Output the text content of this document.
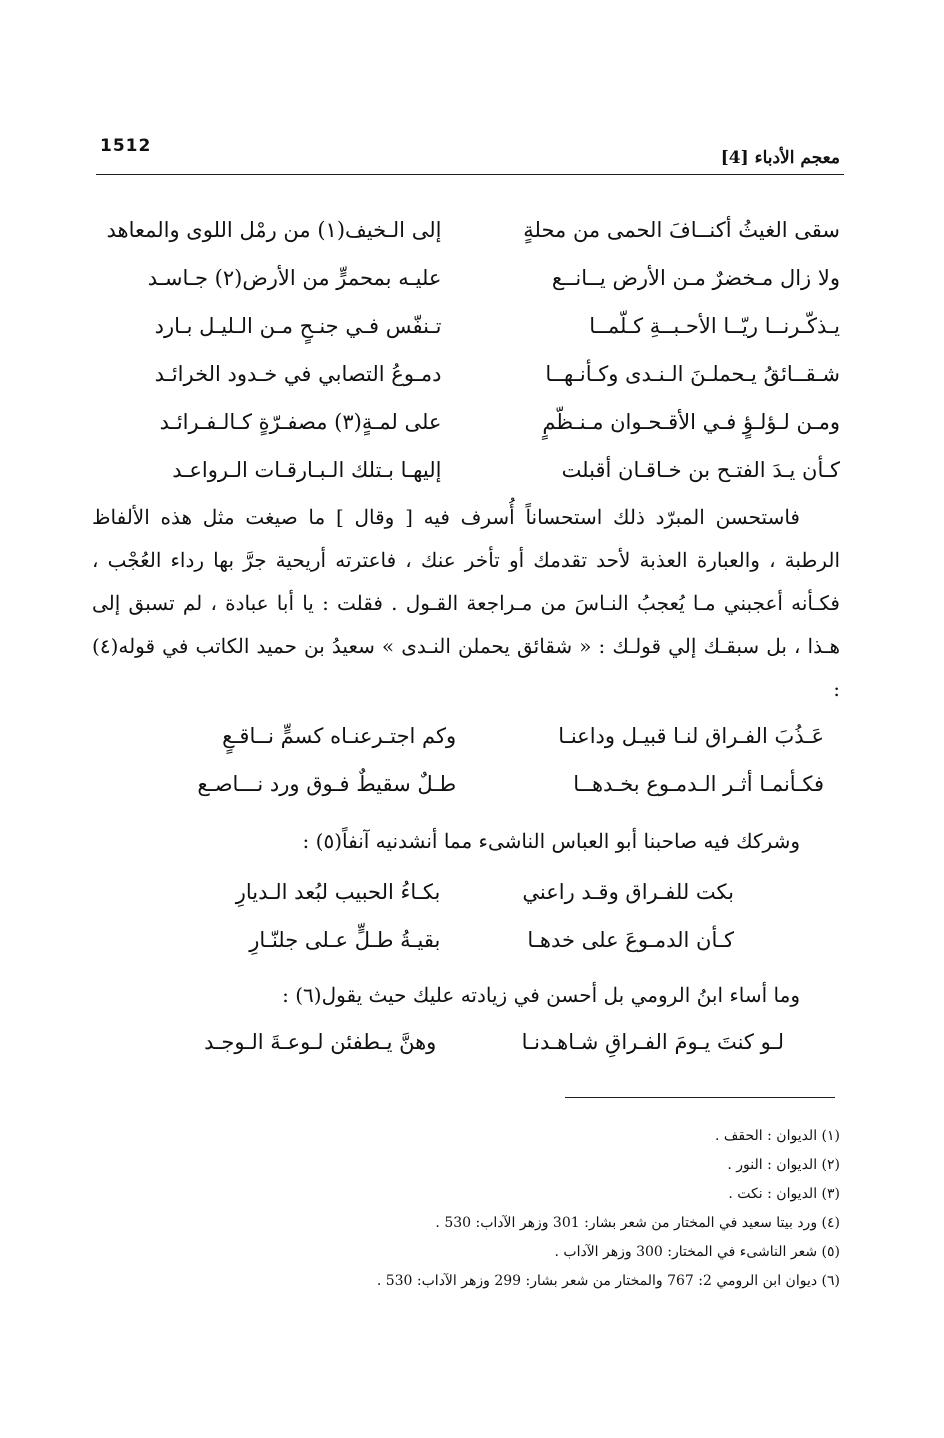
1512
معجم الأدباء [4]
سقى الغيثُ أكنــافَ الحمى من محلةٍ
إلى الـخيف(١) من رمْل اللوى والمعاهد
ولا زال مـخضرٌ مـن الأرض يــانــع
عليـه بمحمرٍّ من الأرض(٢) جـاسـد
يـذكّـرنــا ريّــا الأحـبــةِ كـلّمــا
تـنفّس فـي جنـحٍ مـن الـليـل بـارد
شـقــائقُ يـحملـنَ الـنـدى وكـأنـهــا
دمـوعُ التصابي في خـدود الخرائـد
ومـن لـؤلـؤٍ فـي الأقـحـوان مـنـظّمٍ
على لمـةٍ(٣) مصفـرّةٍ كـالـفـرائـد
كـأن يـدَ الفتـح بن خـاقـان أقبلت
إليهـا بـتلك الـبـارقـات الـرواعـد

فاستحسن المبرّد ذلك استحساناً أُسرف فيه [ وقال ] ما صيغت مثل هذه الألفاظ الرطبة ، والعبارة العذبة لأحد تقدمك أو تأخر عنك ، فاعترته أريحية جرَّ بها رداء العُجْب ، فكـأنه أعجبني مـا يُعجبُ النـاسَ من مـراجعة القـول . فقلت : يا أبا عبادة ، لم تسبق إلى هـذا ، بل سبقـك إلي قولـك : « شقائق يحملن النـدى » سعيدُ بن حميد الكاتب في قوله(٤) :

عَـذُبَ الفـراق لنـا قبيـل وداعنـا
وكم اجتـرعنـاه كسمٍّ نــاقـعٍ
فكـأنمـا أثـر الـدمـوع بخـدهــا
طـلٌ سقيطٌ فـوق ورد نـــاصـع

وشركك فيه صاحبنا أبو العباس الناشىء مما أنشدنيه آنفاً(٥) :

بكت للفـراق وقـد راعني
بكـاءُ الحبيب لبُعد الـديارِ
كـأن الدمـوعَ على خدهـا
بقيـةُ طـلٍّ عـلى جلنّـارِ

وما أساء ابنُ الرومي بل أحسن في زيادته عليك حيث يقول(٦) :

لـو كنتَ يـومَ الفـراقِ شـاهـدنـا
وهنَّ يـطفئن لـوعـةَ الـوجـد
(١) الديوان : الحقف .
(٢) الديوان : النور .
(٣) الديوان : نكت .
(٤) ورد بيتا سعيد في المختار من شعر بشار: 301 وزهر الآداب: 530 .
(٥) شعر الناشىء في المختار: 300 وزهر الآداب .
(٦) ديوان ابن الرومي 2: 767 والمختار من شعر بشار: 299 وزهر الآداب: 530 .
